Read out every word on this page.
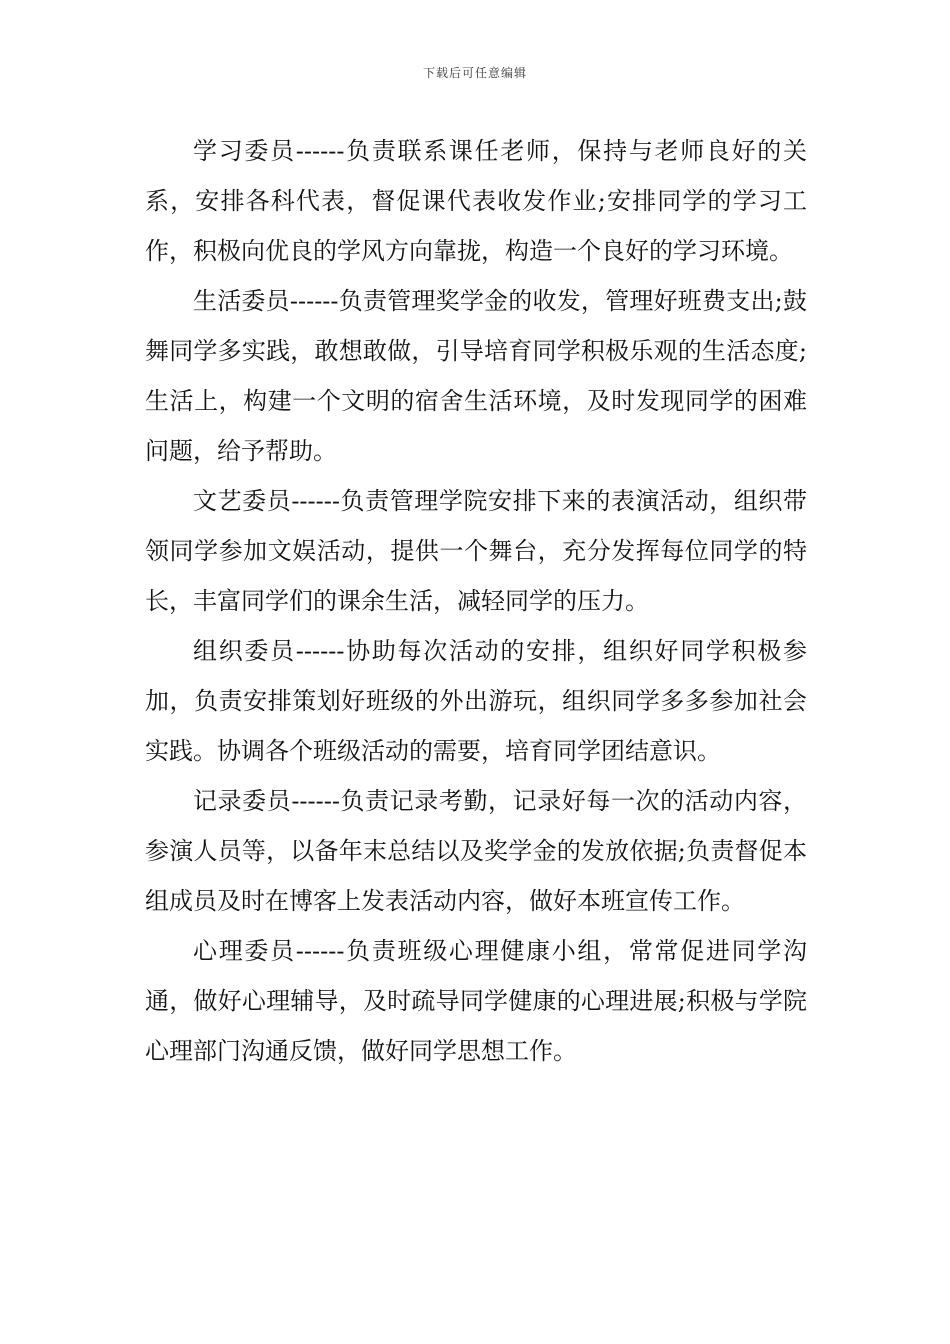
下载后可任意编辑

学习委员------负责联系课任老师，保持与老师良好的关系，安排各科代表，督促课代表收发作业;安排同学的学习工作，积极向优良的学风方向靠拢，构造一个良好的学习环境。

生活委员------负责管理奖学金的收发，管理好班费支出;鼓舞同学多实践，敢想敢做，引导培育同学积极乐观的生活态度;生活上，构建一个文明的宿舍生活环境，及时发现同学的困难问题，给予帮助。

文艺委员------负责管理学院安排下来的表演活动，组织带领同学参加文娱活动，提供一个舞台，充分发挥每位同学的特长，丰富同学们的课余生活，减轻同学的压力。

组织委员------协助每次活动的安排，组织好同学积极参加，负责安排策划好班级的外出游玩，组织同学多多参加社会实践。协调各个班级活动的需要，培育同学团结意识。

记录委员------负责记录考勤，记录好每一次的活动内容，参演人员等，以备年末总结以及奖学金的发放依据;负责督促本组成员及时在博客上发表活动内容，做好本班宣传工作。

心理委员------负责班级心理健康小组，常常促进同学沟通，做好心理辅导，及时疏导同学健康的心理进展;积极与学院心理部门沟通反馈，做好同学思想工作。
